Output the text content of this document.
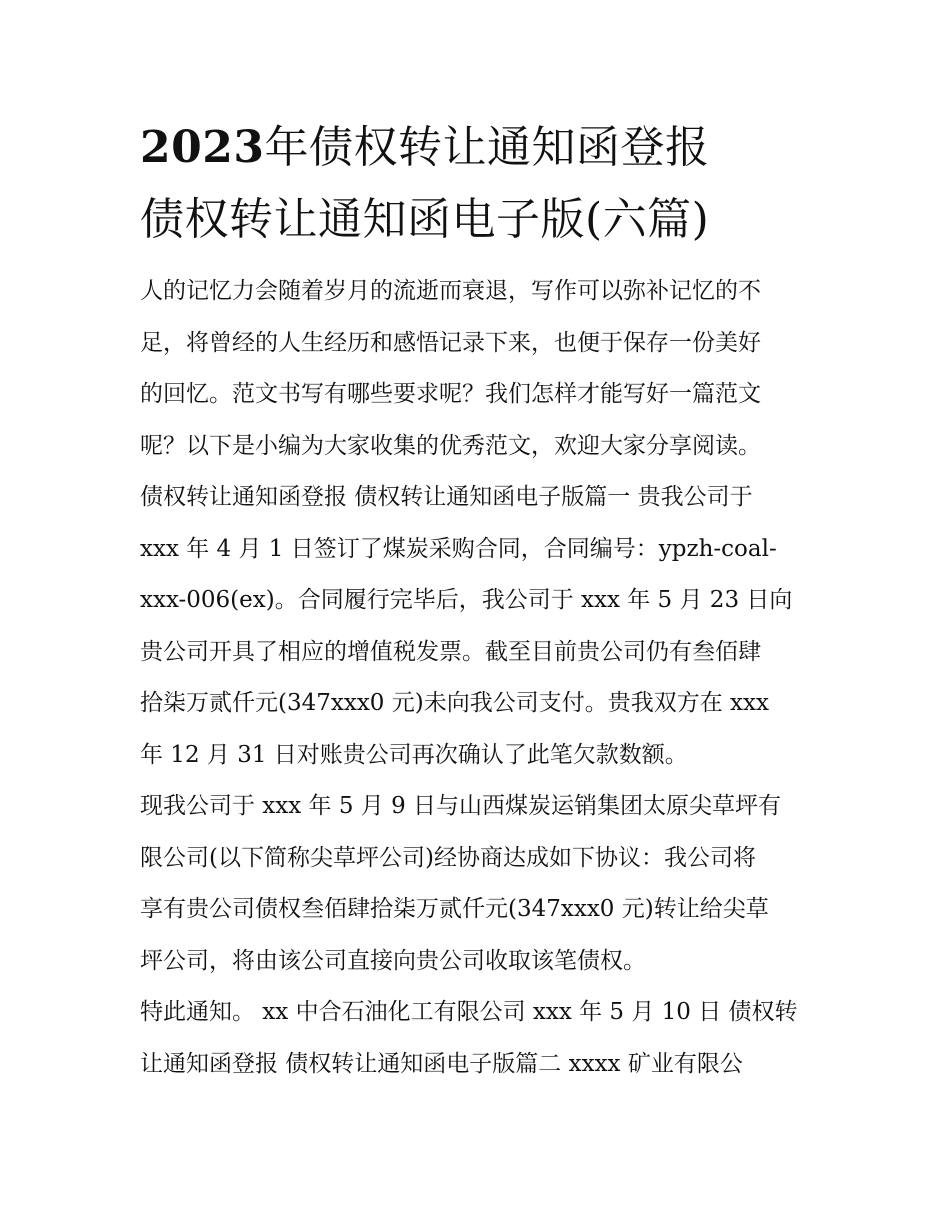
2023年债权转让通知函登报
债权转让通知函电子版(六篇)
人的记忆力会随着岁月的流逝而衰退，写作可以弥补记忆的不
足，将曾经的人生经历和感悟记录下来，也便于保存一份美好
的回忆。范文书写有哪些要求呢？我们怎样才能写好一篇范文
呢？以下是小编为大家收集的优秀范文，欢迎大家分享阅读。
债权转让通知函登报 债权转让通知函电子版篇一 贵我公司于
xxx 年 4 月 1 日签订了煤炭采购合同，合同编号：ypzh-coal-
xxx-006(ex)。合同履行完毕后，我公司于 xxx 年 5 月 23 日向
贵公司开具了相应的增值税发票。截至目前贵公司仍有叁佰肆
拾柒万贰仟元(347xxx0 元)未向我公司支付。贵我双方在 xxx
年 12 月 31 日对账贵公司再次确认了此笔欠款数额。
现我公司于 xxx 年 5 月 9 日与山西煤炭运销集团太原尖草坪有
限公司(以下简称尖草坪公司)经协商达成如下协议：我公司将
享有贵公司债权叁佰肆拾柒万贰仟元(347xxx0 元)转让给尖草
坪公司，将由该公司直接向贵公司收取该笔债权。
特此通知。 xx 中合石油化工有限公司 xxx 年 5 月 10 日 债权转
让通知函登报 债权转让通知函电子版篇二 xxxx 矿业有限公
